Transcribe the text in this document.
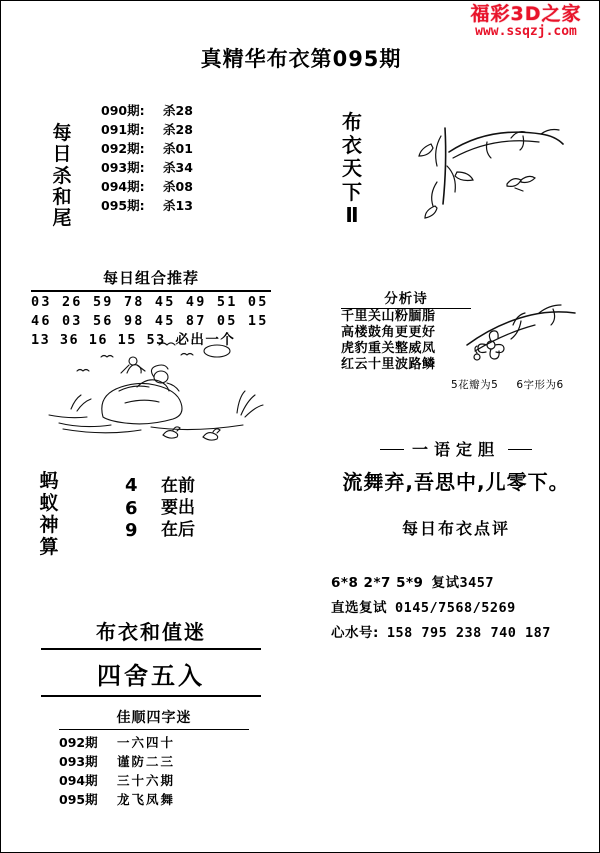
福彩3D之家
www.ssqzj.com
真精华布衣第095期
每日杀和尾
090期: 杀28
091期: 杀28
092期: 杀01
093期: 杀34
094期: 杀08
095期: 杀13
每日组合推荐
03 26 59 78 45 49 51 05
46 03 56 98 45 87 05 15
13 36 16 15 53 必出一个
蚂
蚁
神
算
4
6
9
在前
要出
在后
布衣和值迷
四舍五入
佳顺四字迷
092期 一六四十
093期 谨防二三
094期 三十六期
095期 龙飞凤舞
布
衣
天
下
Ⅱ
分析诗
千里关山粉腼脂
高楼鼓角更更好
虎豹重关整威凤
红云十里波路鳞
5花瓣为5 6字形为6
一语定胆
流舞弃,吾思中,儿零下。
每日布衣点评
6*8 2*7 5*9 复试3457
直选复试 0145/7568/5269
心水号: 158 795 238 740 187
